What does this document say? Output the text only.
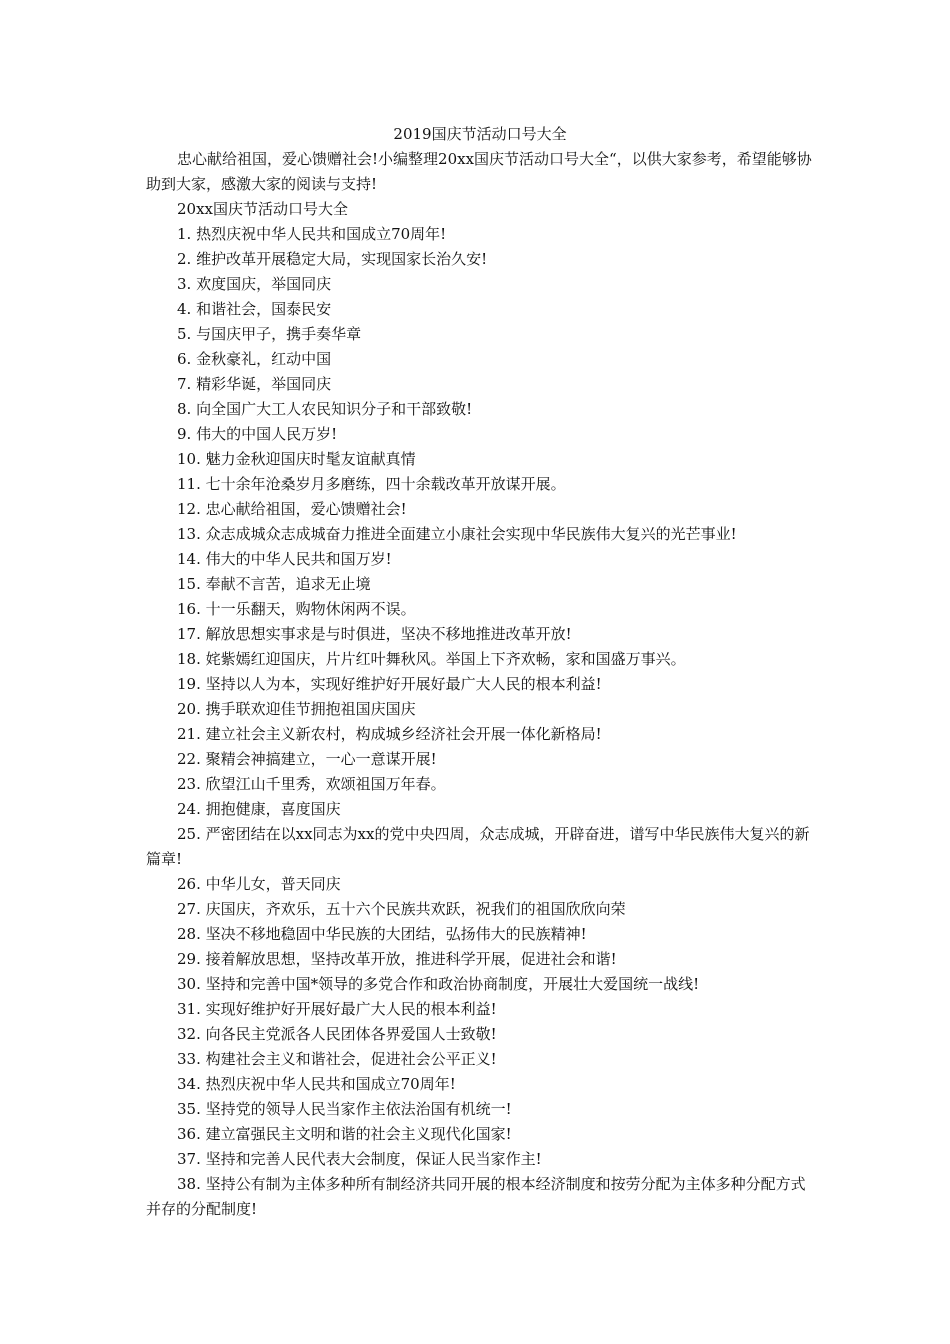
2019国庆节活动口号大全

忠心献给祖国，爱心馈赠社会!小编整理20xx国庆节活动口号大全“，以供大家参考，希望能够协助到大家，感激大家的阅读与支持!

20xx国庆节活动口号大全

1. 热烈庆祝中华人民共和国成立70周年!

2. 维护改革开展稳定大局，实现国家长治久安!

3. 欢度国庆，举国同庆

4. 和谐社会，国泰民安

5. 与国庆甲子，携手奏华章

6. 金秋豪礼，红动中国

7. 精彩华诞，举国同庆

8. 向全国广大工人农民知识分子和干部致敬!

9. 伟大的中国人民万岁!

10. 魅力金秋迎国庆时髦友谊献真情

11. 七十余年沧桑岁月多磨练，四十余载改革开放谋开展。

12. 忠心献给祖国，爱心馈赠社会!

13. 众志成城众志成城奋力推进全面建立小康社会实现中华民族伟大复兴的光芒事业!

14. 伟大的中华人民共和国万岁!

15. 奉献不言苦，追求无止境

16. 十一乐翻天，购物休闲两不误。

17. 解放思想实事求是与时俱进，坚决不移地推进改革开放!

18. 姹紫嫣红迎国庆，片片红叶舞秋风。举国上下齐欢畅，家和国盛万事兴。

19. 坚持以人为本，实现好维护好开展好最广大人民的根本利益!

20. 携手联欢迎佳节拥抱祖国庆国庆

21. 建立社会主义新农村，构成城乡经济社会开展一体化新格局!

22. 聚精会神搞建立，一心一意谋开展!

23. 欣望江山千里秀，欢颂祖国万年春。

24. 拥抱健康，喜度国庆

25. 严密团结在以xx同志为xx的党中央四周，众志成城，开辟奋进，谱写中华民族伟大复兴的新篇章!

26. 中华儿女，普天同庆

27. 庆国庆，齐欢乐，五十六个民族共欢跃，祝我们的祖国欣欣向荣

28. 坚决不移地稳固中华民族的大团结，弘扬伟大的民族精神!

29. 接着解放思想，坚持改革开放，推进科学开展，促进社会和谐!

30. 坚持和完善中国*领导的多党合作和政治协商制度，开展壮大爱国统一战线!

31. 实现好维护好开展好最广大人民的根本利益!

32. 向各民主党派各人民团体各界爱国人士致敬!

33. 构建社会主义和谐社会，促进社会公平正义!

34. 热烈庆祝中华人民共和国成立70周年!

35. 坚持党的领导人民当家作主依法治国有机统一!

36. 建立富强民主文明和谐的社会主义现代化国家!

37. 坚持和完善人民代表大会制度，保证人民当家作主!

38. 坚持公有制为主体多种所有制经济共同开展的根本经济制度和按劳分配为主体多种分配方式并存的分配制度!
